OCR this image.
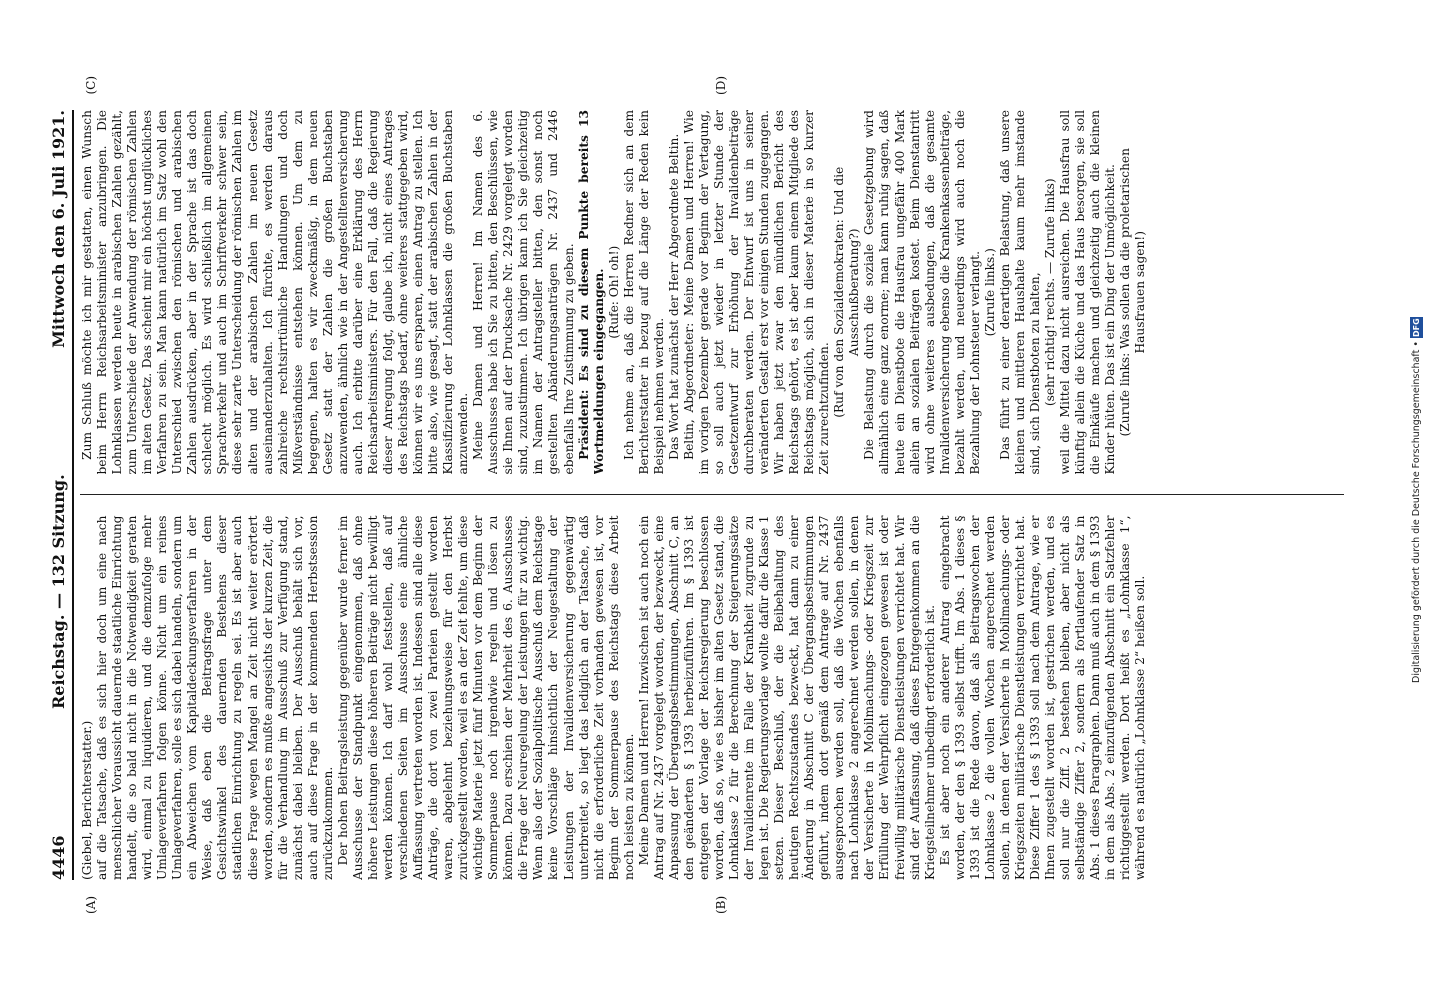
4446
Reichstag. — 132 Sitzung.
Mittwoch den 6. Juli 1921.
(A)	(B)
(C)	(D)

(Giebel, Berichterstatter.) auf die Tatsache, daß es sich hier doch um eine nach menschlicher Voraussicht dauernde staatliche Einrichtung handelt, die so bald nicht in die Notwendigkeit geraten wird, einmal zu liquidieren, und die demzufolge mehr Umlageverfahren folgen könne. Nicht um ein reines Umlageverfahren, solle es sich dabei handeln, sondern um ein Abweichen vom Kapitaldeckungsverfahren in der Weise, daß eben die Beitragsfrage unter dem Gesichtswinkel des dauernden Bestehens dieser staatlichen Einrichtung zu regeln sei. Es ist aber auch diese Frage wegen Mangel an Zeit nicht weiter erörtert worden, sondern es mußte angesichts der kurzen Zeit, die für die Verhandlung im Ausschuß zur Verfügung stand, zunächst dabei bleiben. Der Ausschuß behält sich vor, auch auf diese Frage in der kommenden Herbstsession zurückzukommen. Der hohen Beitragsleistung gegenüber wurde ferner im Ausschusse der Standpunkt eingenommen, daß ohne höhere Leistungen diese höheren Beiträge nicht bewilligt werden können. Ich darf wohl feststellen, daß auf verschiedenen Seiten im Ausschusse eine ähnliche Auffassung vertreten worden ist. Indessen sind alle diese Anträge, die dort von zwei Parteien gestellt worden waren, abgelehnt beziehungsweise für den Herbst zurückgestellt worden, weil es an der Zeit fehlte, um diese wichtige Materie jetzt fünf Minuten vor dem Beginn der Sommerpause noch irgendwie regeln und lösen zu können. Dazu erschien der Mehrheit des 6. Ausschusses die Frage der Neuregelung der Leistungen für zu wichtig. Wenn also der Sozialpolitische Ausschuß dem Reichstage keine Vorschläge hinsichtlich der Neugestaltung der Leistungen der Invalidenversicherung gegenwärtig unterbreitet, so liegt das lediglich an der Tatsache, daß nicht die erforderliche Zeit vorhanden gewesen ist, vor Beginn der Sommerpause des Reichstags diese Arbeit noch leisten zu können. Meine Damen und Herren! Inzwischen ist auch noch ein Antrag auf Nr. 2437 vorgelegt worden, der bezweckt, eine Anpassung der Übergangsbestimmungen, Abschnitt C, an den geänderten § 1393 herbeizuführen. Im § 1393 ist entgegen der Vorlage der Reichsregierung beschlossen worden, daß so, wie es bisher im alten Gesetz stand, die Lohnklasse 2 für die Berechnung der Steigerungssätze der Invalidenrente im Falle der Krankheit zugrunde zu legen ist. Die Regierungsvorlage wollte dafür die Klasse 1 setzen. Dieser Beschluß, der die Beibehaltung des heutigen Rechtszustandes bezweckt, hat dann zu einer Änderung in Abschnitt C der Übergangsbestimmungen geführt, indem dort gemäß dem Antrage auf Nr. 2437 ausgesprochen werden soll, daß die Wochen ebenfalls nach Lohnklasse 2 angerechnet werden sollen, in denen der Versicherte in Mobilmachungs- oder Kriegszeit zur Erfüllung der Wehrpflicht eingezogen gewesen ist oder freiwillig militärische Dienstleistungen verrichtet hat. Wir sind der Auffassung, daß dieses Entgegenkommen an die Kriegsteilnehmer unbedingt erforderlich ist. Es ist aber noch ein anderer Antrag eingebracht worden, der den § 1393 selbst trifft. Im Abs. 1 dieses § 1393 ist die Rede davon, daß als Beitragswochen der Lohnklasse 2 die vollen Wochen angerechnet werden sollen, in denen der Versicherte in Mobilmachungs- oder Kriegszeiten militärische Dienstleistungen verrichtet hat. Diese Ziffer 1 des § 1393 soll nach dem Antrage, wie er Ihnen zugestellt worden ist, gestrichen werden, und es soll nur die Ziff. 2 bestehen bleiben, aber nicht als selbständige Ziffer 2, sondern als fortlaufender Satz in Abs. 1 dieses Paragraphen. Dann muß auch in dem § 1393 in dem als Abs. 2 einzufügenden Abschnitt ein Satzfehler richtiggestellt werden. Dort heißt es „Lohnklasse 1“, während es natürlich „Lohnklasse 2“ heißen soll.

Zum Schluß möchte ich mir gestatten, einen Wunsch beim Herrn Reichsarbeitsminister anzubringen. Die Lohnklassen werden heute in arabischen Zahlen gezählt, zum Unterschiede der Anwendung der römischen Zahlen im alten Gesetz. Das scheint mir ein höchst unglückliches Verfahren zu sein. Man kann natürlich im Satz wohl den Unterschied zwischen den römischen und arabischen Zahlen ausdrücken, aber in der Sprache ist das doch schlecht möglich. Es wird schließlich im allgemeinen Sprachverkehr und auch im Schriftverkehr schwer sein, diese sehr zarte Unterscheidung der römischen Zahlen im alten und der arabischen Zahlen im neuen Gesetz auseinanderzuhalten. Ich fürchte, es werden daraus zahlreiche rechtsirrtümliche Handlungen und doch Mißverständnisse entstehen können. Um dem zu begegnen, halten es wir zweckmäßig, in dem neuen Gesetz statt der Zahlen die großen Buchstaben anzuwenden, ähnlich wie in der Angestelltenversicherung auch. Ich erbitte darüber eine Erklärung des Herrn Reichsarbeitsministers. Für den Fall, daß die Regierung dieser Anregung folgt, glaube ich, nicht eines Antrages des Reichstags bedarf, ohne weiteres stattgegeben wird, können wir es uns ersparen, einen Antrag zu stellen. Ich bitte also, wie gesagt, statt der arabischen Zahlen in der Klassifizierung der Lohnklassen die großen Buchstaben anzuwenden. Meine Damen und Herren! Im Namen des 6. Ausschusses habe ich Sie zu bitten, den Beschlüssen, wie sie Ihnen auf der Drucksache Nr. 2429 vorgelegt worden sind, zuzustimmen. Ich übrigen kann ich Sie gleichzeitig im Namen der Antragsteller bitten, den sonst noch gestellten Abänderungsanträgen Nr. 2437 und 2446 ebenfalls Ihre Zustimmung zu geben. Präsident: Es sind zu diesem Punkte bereits 13 Wortmeldungen eingegangen. (Rufe: Oh! oh!) Ich nehme an, daß die Herren Redner sich an dem Berichterstatter in bezug auf die Länge der Reden kein Beispiel nehmen werden. Das Wort hat zunächst der Herr Abgeordnete Beltin. Beltin, Abgeordneter: Meine Damen und Herren! Wie im vorigen Dezember gerade vor Beginn der Vertagung, so soll auch jetzt wieder in letzter Stunde der Gesetzentwurf zur Erhöhung der Invalidenbeiträge durchberaten werden. Der Entwurf ist uns in seiner veränderten Gestalt erst vor einigen Stunden zugegangen. Wir haben jetzt zwar den mündlichen Bericht des Reichstags gehört, es ist aber kaum einem Mitgliede des Reichstags möglich, sich in dieser Materie in so kurzer Zeit zurechtzufinden. (Ruf von den Sozialdemokraten: Und die Ausschußberatung?) Die Belastung durch die soziale Gesetzgebung wird allmählich eine ganz enorme; man kann ruhig sagen, daß heute ein Dienstbote die Hausfrau ungefähr 400 Mark allein an sozialen Beiträgen kostet. Beim Dienstantritt wird ohne weiteres ausbedungen, daß die gesamte Invalidenversicherung ebenso die Krankenkassenbeiträge, bezahlt werden, und neuerdings wird auch noch die Bezahlung der Lohnsteuer verlangt. (Zurufe links.) Das führt zu einer derartigen Belastung, daß unsere kleinen und mittleren Haushalte kaum mehr imstande sind, sich Dienstboten zu halten, (sehr richtig! rechts. — Zurufe links) weil die Mittel dazu nicht ausreichen. Die Hausfrau soll künftig allein die Küche und das Haus besorgen, sie soll die Einkäufe machen und gleichzeitig auch die kleinen Kinder hüten. Das ist ein Ding der Unmöglichkeit. (Zurufe links: Was sollen da die proletarischen Hausfrauen sagen!)

Digitalisierung gefördert durch die Deutsche Forschungsgemeinschaft • DFG
